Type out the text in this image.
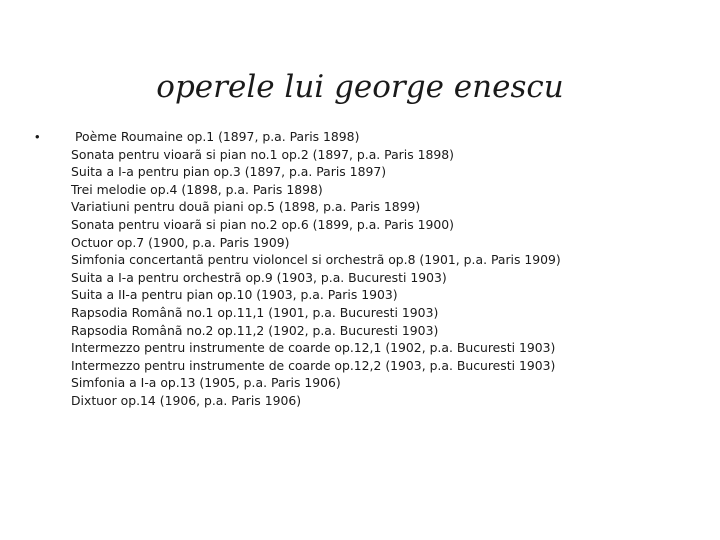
operele lui george enescu
•	Poème Roumaine op.1 (1897, p.a. Paris 1898)
Sonata pentru vioarã si pian no.1 op.2 (1897, p.a. Paris 1898)
Suita a I-a pentru pian op.3 (1897, p.a. Paris 1897)
Trei melodie op.4 (1898, p.a. Paris 1898)
Variatiuni pentru douã piani op.5 (1898, p.a. Paris 1899)
Sonata pentru vioarã si pian no.2 op.6 (1899, p.a. Paris 1900)
Octuor op.7 (1900, p.a. Paris 1909)
Simfonia concertantã pentru violoncel si orchestrã op.8 (1901, p.a. Paris 1909)
Suita a I-a pentru orchestrã op.9 (1903, p.a. Bucuresti 1903)
Suita a II-a pentru pian op.10 (1903, p.a. Paris 1903)
Rapsodia Românã no.1 op.11,1 (1901, p.a. Bucuresti 1903)
Rapsodia Românã no.2 op.11,2 (1902, p.a. Bucuresti 1903)
Intermezzo pentru instrumente de coarde op.12,1 (1902, p.a. Bucuresti 1903)
Intermezzo pentru instrumente de coarde op.12,2 (1903, p.a. Bucuresti 1903)
Simfonia a I-a op.13 (1905, p.a. Paris 1906)
Dixtuor op.14 (1906, p.a. Paris 1906)
